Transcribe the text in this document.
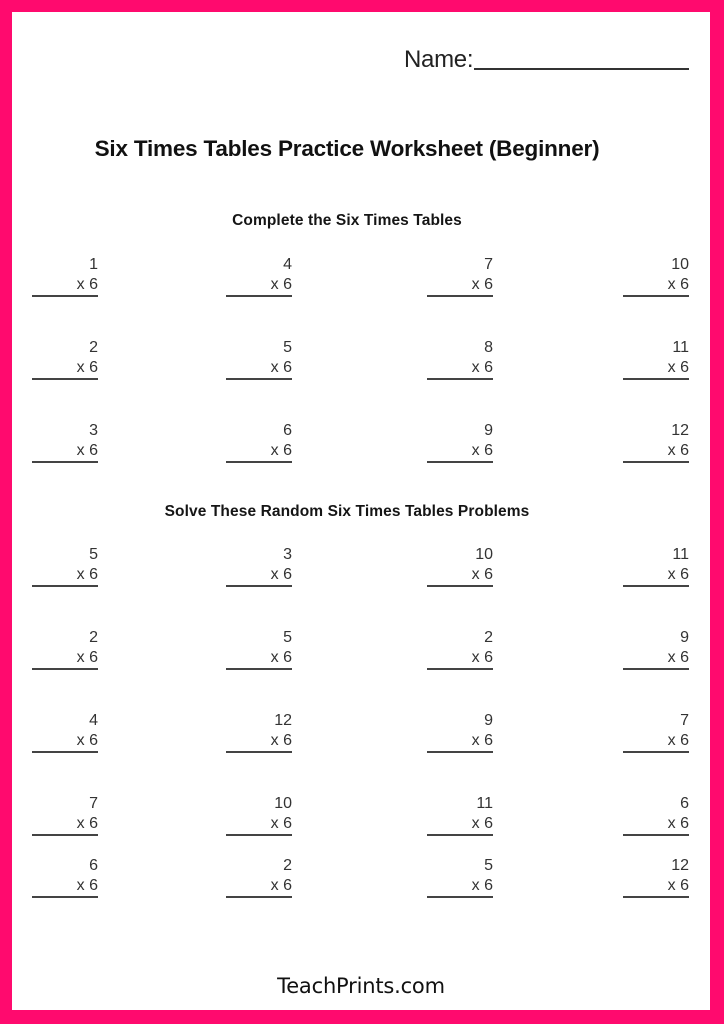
Name:
Six Times Tables Practice Worksheet (Beginner)
Complete the Six Times Tables
1
x 6
4
x 6
7
x 6
10
x 6
2
x 6
5
x 6
8
x 6
11
x 6
3
x 6
6
x 6
9
x 6
12
x 6
Solve These Random Six Times Tables Problems
5
x 6
3
x 6
10
x 6
11
x 6
2
x 6
5
x 6
2
x 6
9
x 6
4
x 6
12
x 6
9
x 6
7
x 6
7
x 6
10
x 6
11
x 6
6
x 6
6
x 6
2
x 6
5
x 6
12
x 6
TeachPrints.com
